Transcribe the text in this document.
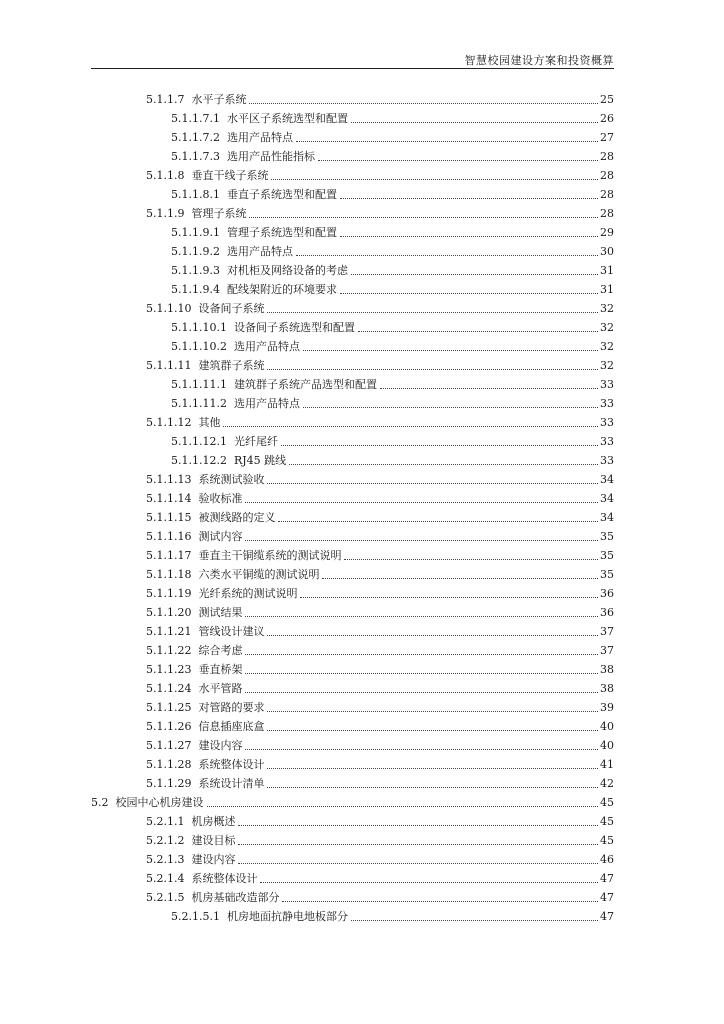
智慧校园建设方案和投资概算
5.1.1.7 水平子系统	25
5.1.1.7.1 水平区子系统选型和配置	26
5.1.1.7.2 选用产品特点	27
5.1.1.7.3 选用产品性能指标	28
5.1.1.8 垂直干线子系统	28
5.1.1.8.1 垂直子系统选型和配置	28
5.1.1.9 管理子系统	28
5.1.1.9.1 管理子系统选型和配置	29
5.1.1.9.2 选用产品特点	30
5.1.1.9.3 对机柜及网络设备的考虑	31
5.1.1.9.4 配线架附近的环境要求	31
5.1.1.10 设备间子系统	32
5.1.1.10.1 设备间子系统选型和配置	32
5.1.1.10.2 选用产品特点	32
5.1.1.11 建筑群子系统	32
5.1.1.11.1 建筑群子系统产品选型和配置	33
5.1.1.11.2 选用产品特点	33
5.1.1.12 其他	33
5.1.1.12.1 光纤尾纤	33
5.1.1.12.2 RJ45 跳线	33
5.1.1.13 系统测试验收	34
5.1.1.14 验收标准	34
5.1.1.15 被测线路的定义	34
5.1.1.16 测试内容	35
5.1.1.17 垂直主干铜缆系统的测试说明	35
5.1.1.18 六类水平铜缆的测试说明	35
5.1.1.19 光纤系统的测试说明	36
5.1.1.20 测试结果	36
5.1.1.21 管线设计建议	37
5.1.1.22 综合考虑	37
5.1.1.23 垂直桥架	38
5.1.1.24 水平管路	38
5.1.1.25 对管路的要求	39
5.1.1.26 信息插座底盒	40
5.1.1.27 建设内容	40
5.1.1.28 系统整体设计	41
5.1.1.29 系统设计清单	42
5.2 校园中心机房建设	45
5.2.1.1 机房概述	45
5.2.1.2 建设目标	45
5.2.1.3 建设内容	46
5.2.1.4 系统整体设计	47
5.2.1.5 机房基础改造部分	47
5.2.1.5.1 机房地面抗静电地板部分	47
